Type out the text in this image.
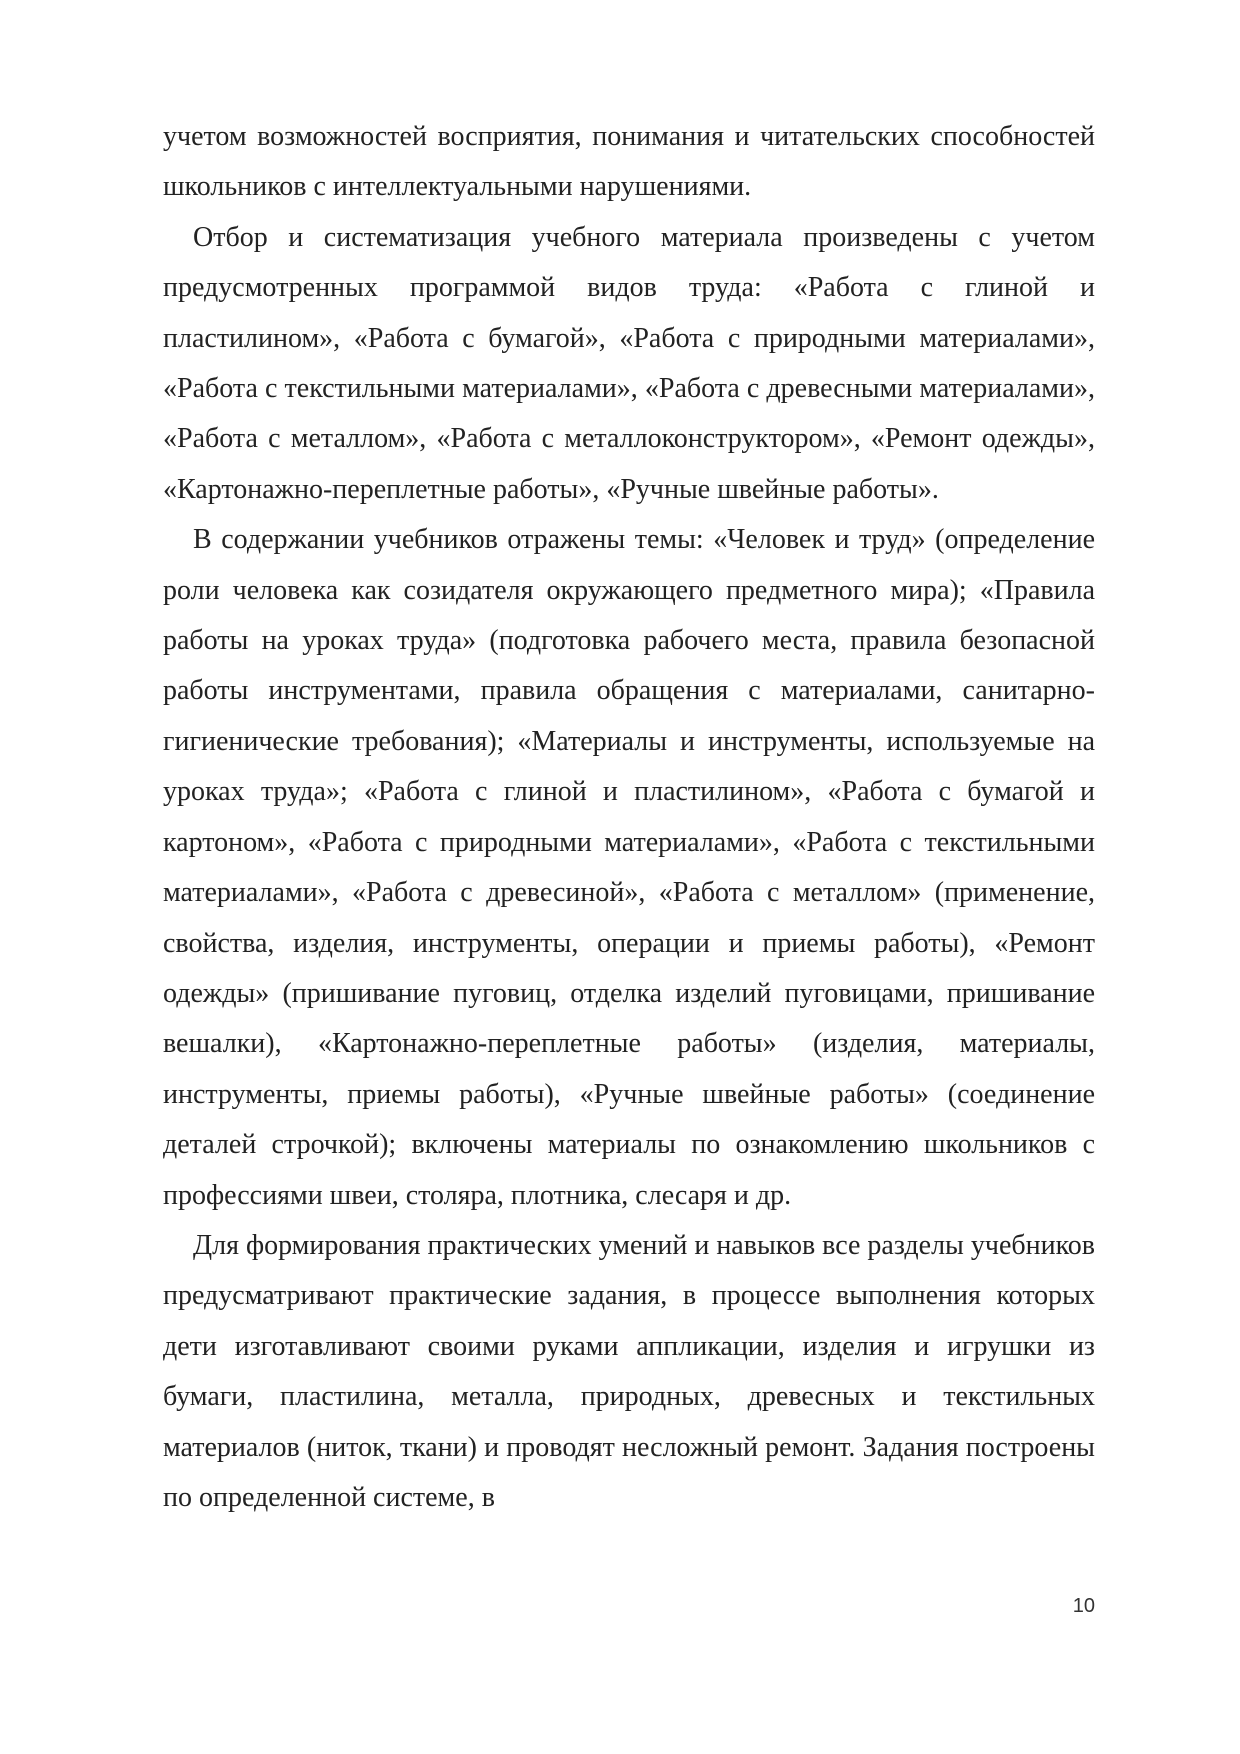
учетом возможностей восприятия, понимания и читательских способностей школьников с интеллектуальными нарушениями.

Отбор и систематизация учебного материала произведены с учетом предусмотренных программой видов труда: «Работа с глиной и пластилином», «Работа с бумагой», «Работа с природными материалами», «Работа с текстильными материалами», «Работа с древесными материалами», «Работа с металлом», «Работа с металлоконструктором», «Ремонт одежды», «Картонажно-переплетные работы», «Ручные швейные работы».

В содержании учебников отражены темы: «Человек и труд» (определение роли человека как созидателя окружающего предметного мира); «Правила работы на уроках труда» (подготовка рабочего места, правила безопасной работы инструментами, правила обращения с материалами, санитарно-гигиенические требования); «Материалы и инструменты, используемые на уроках труда»; «Работа с глиной и пластилином», «Работа с бумагой и картоном», «Работа с природными материалами», «Работа с текстильными материалами», «Работа с древесиной», «Работа с металлом» (применение, свойства, изделия, инструменты, операции и приемы работы), «Ремонт одежды» (пришивание пуговиц, отделка изделий пуговицами, пришивание вешалки), «Картонажно-переплетные работы» (изделия, материалы, инструменты, приемы работы), «Ручные швейные работы» (соединение деталей строчкой); включены материалы по ознакомлению школьников с профессиями швеи, столяра, плотника, слесаря и др.

Для формирования практических умений и навыков все разделы учебников предусматривают практические задания, в процессе выполнения которых дети изготавливают своими руками аппликации, изделия и игрушки из бумаги, пластилина, металла, природных, древесных и текстильных материалов (ниток, ткани) и проводят несложный ремонт. Задания построены по определенной системе, в

10
